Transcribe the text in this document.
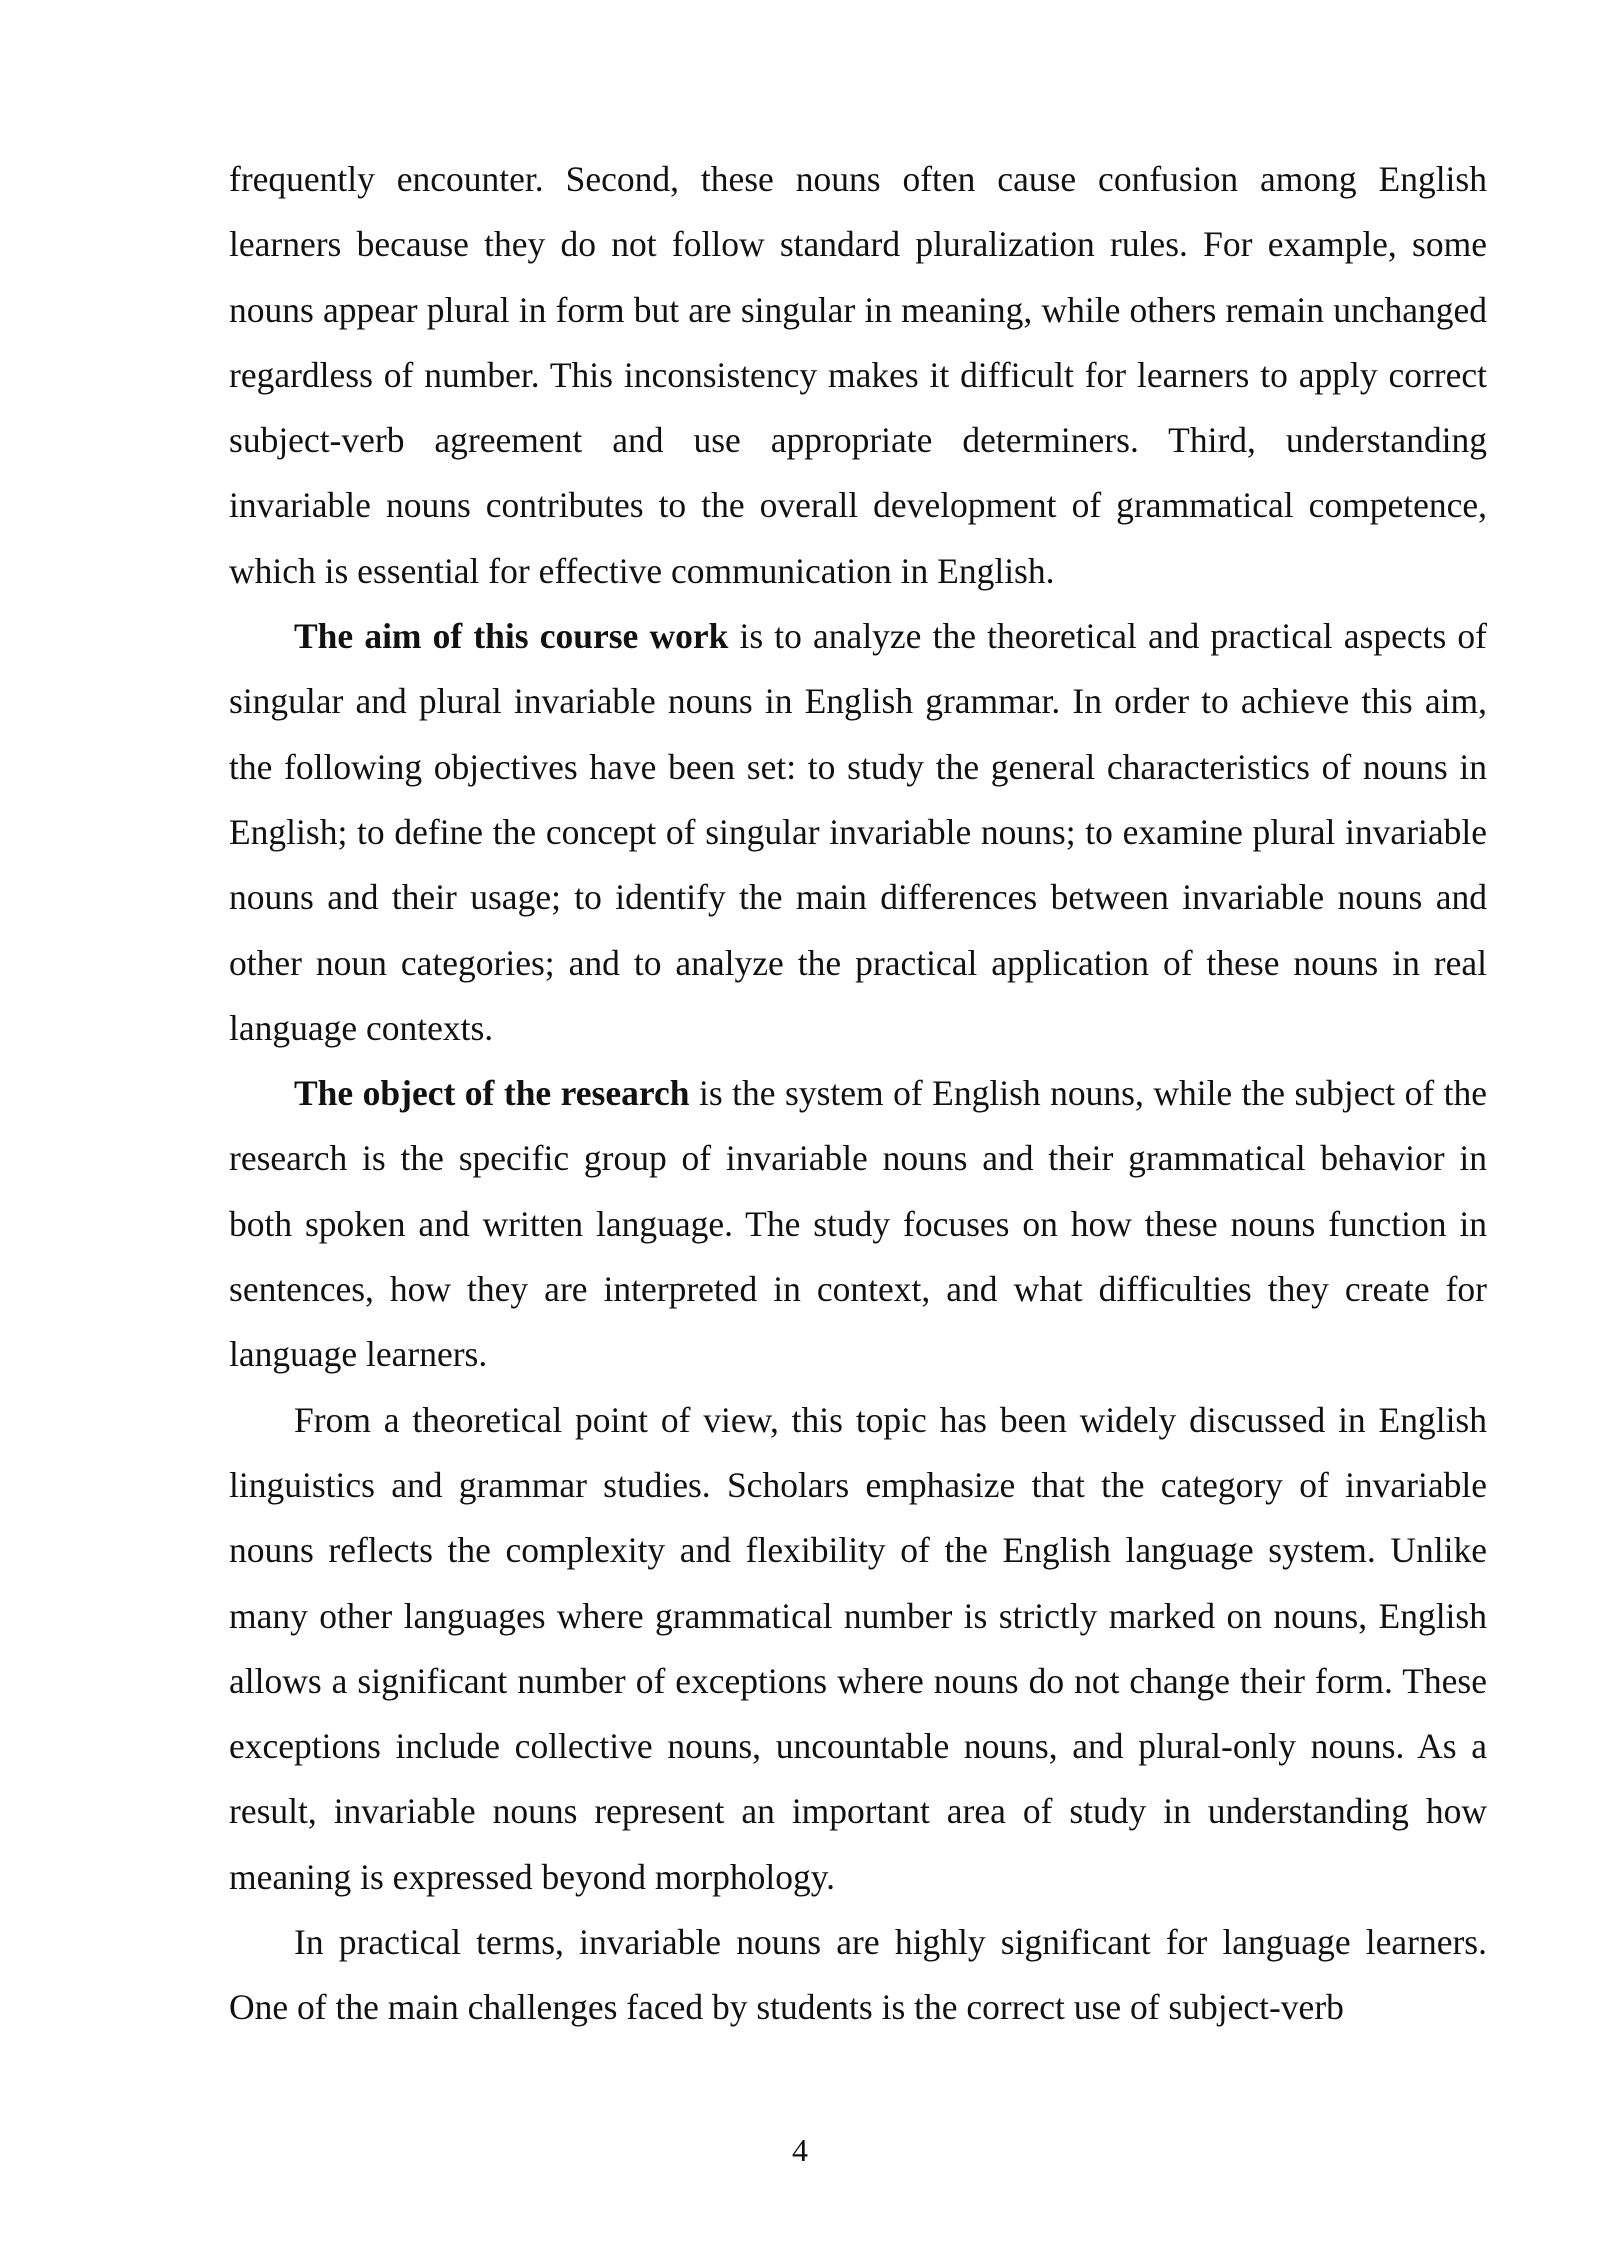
frequently encounter. Second, these nouns often cause confusion among English learners because they do not follow standard pluralization rules. For example, some nouns appear plural in form but are singular in meaning, while others remain unchanged regardless of number. This inconsistency makes it difficult for learners to apply correct subject-verb agreement and use appropriate determiners. Third, understanding invariable nouns contributes to the overall development of grammatical competence, which is essential for effective communication in English.

The aim of this course work is to analyze the theoretical and practical aspects of singular and plural invariable nouns in English grammar. In order to achieve this aim, the following objectives have been set: to study the general characteristics of nouns in English; to define the concept of singular invariable nouns; to examine plural invariable nouns and their usage; to identify the main differences between invariable nouns and other noun categories; and to analyze the practical application of these nouns in real language contexts.

The object of the research is the system of English nouns, while the subject of the research is the specific group of invariable nouns and their grammatical behavior in both spoken and written language. The study focuses on how these nouns function in sentences, how they are interpreted in context, and what difficulties they create for language learners.

From a theoretical point of view, this topic has been widely discussed in English linguistics and grammar studies. Scholars emphasize that the category of invariable nouns reflects the complexity and flexibility of the English language system. Unlike many other languages where grammatical number is strictly marked on nouns, English allows a significant number of exceptions where nouns do not change their form. These exceptions include collective nouns, uncountable nouns, and plural-only nouns. As a result, invariable nouns represent an important area of study in understanding how meaning is expressed beyond morphology.

In practical terms, invariable nouns are highly significant for language learners. One of the main challenges faced by students is the correct use of subject-verb

4
